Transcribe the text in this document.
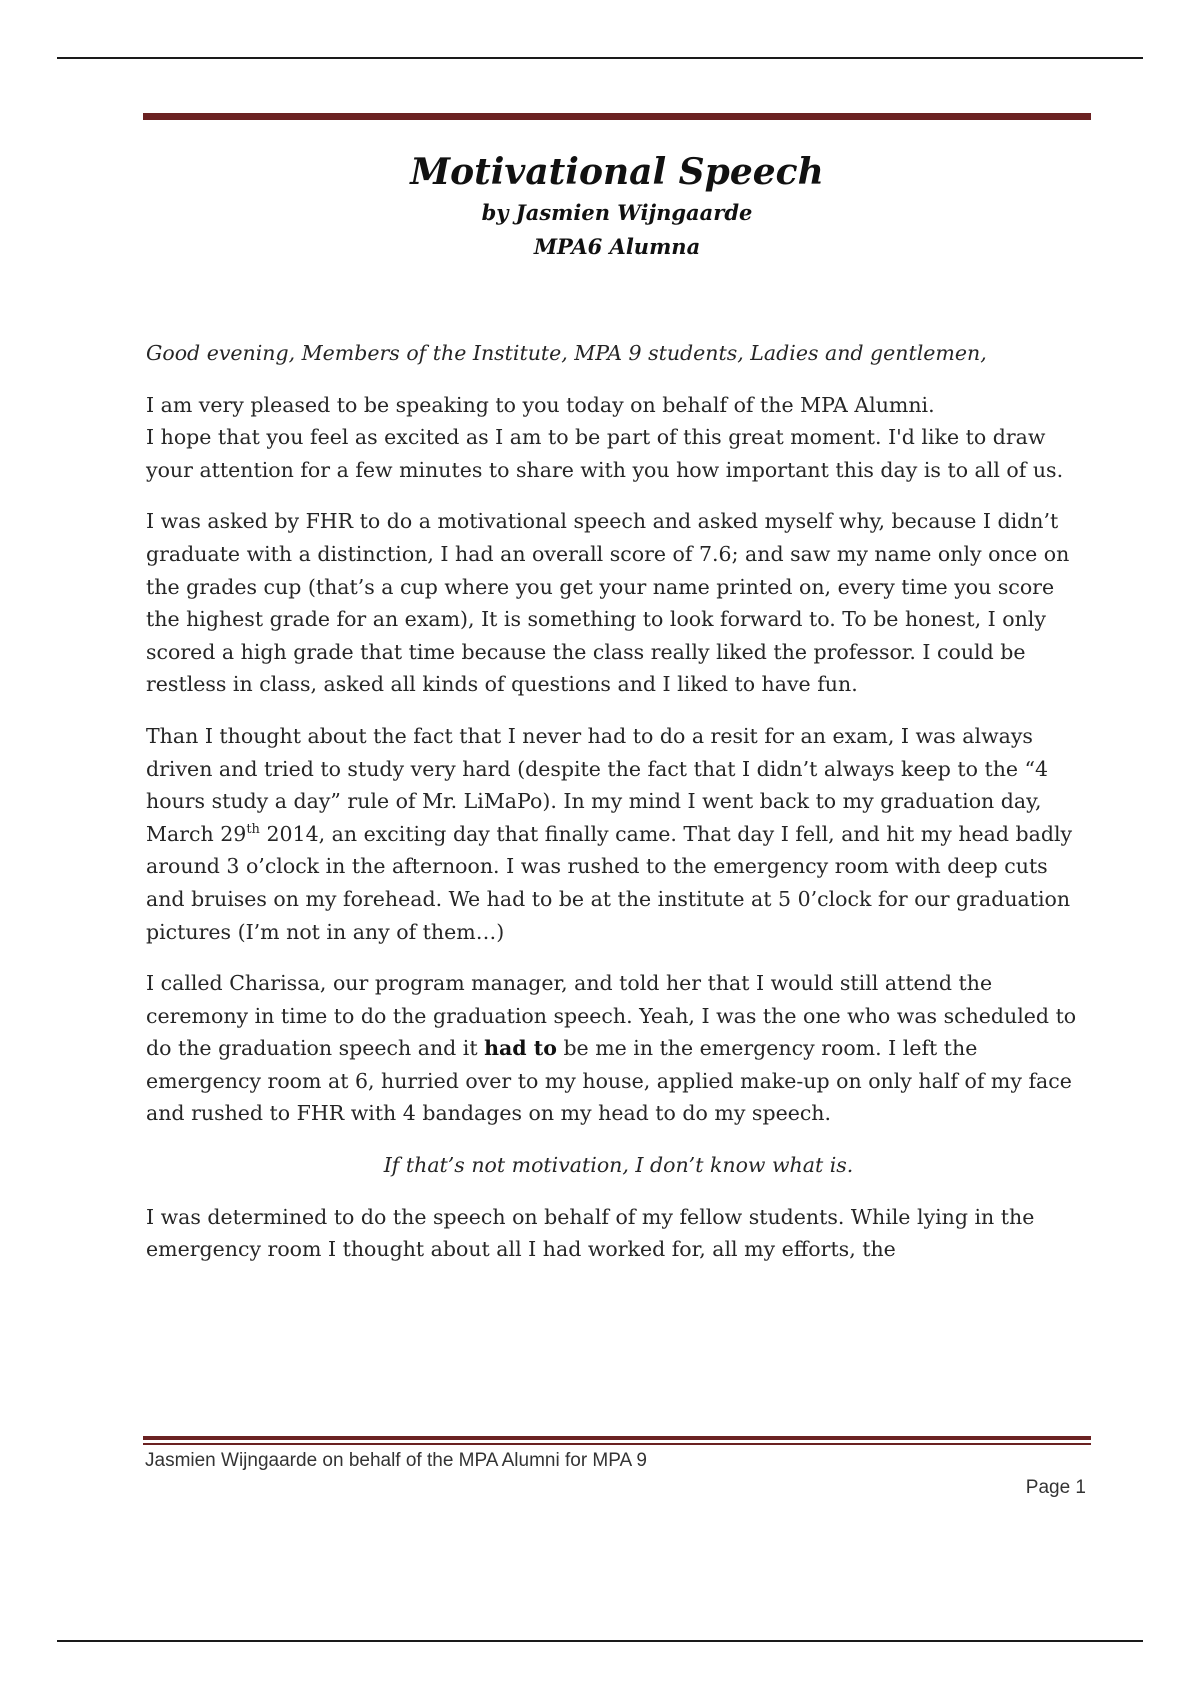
Motivational Speech
by Jasmien Wijngaarde
MPA6 Alumna

Good evening, Members of the Institute, MPA 9 students, Ladies and gentlemen,

I am very pleased to be speaking to you today on behalf of the MPA Alumni.
I hope that you feel as excited as I am to be part of this great moment. I'd like to draw your attention for a few minutes to share with you how important this day is to all of us.

I was asked by FHR to do a motivational speech and asked myself why, because I didn’t graduate with a distinction, I had an overall score of 7.6; and saw my name only once on the grades cup (that’s a cup where you get your name printed on, every time you score the highest grade for an exam), It is something to look forward to. To be honest, I only scored a high grade that time because the class really liked the professor. I could be restless in class, asked all kinds of questions and I liked to have fun.

Than I thought about the fact that I never had to do a resit for an exam, I was always driven and tried to study very hard (despite the fact that I didn’t always keep to the “4 hours study a day” rule of Mr. LiMaPo). In my mind I went back to my graduation day, March 29th 2014, an exciting day that finally came. That day I fell, and hit my head badly around 3 o’clock in the afternoon. I was rushed to the emergency room with deep cuts and bruises on my forehead. We had to be at the institute at 5 0’clock for our graduation pictures (I’m not in any of them…)

I called Charissa, our program manager, and told her that I would still attend the ceremony in time to do the graduation speech. Yeah, I was the one who was scheduled to do the graduation speech and it had to be me in the emergency room. I left the emergency room at 6, hurried over to my house, applied make-up on only half of my face and rushed to FHR with 4 bandages on my head to do my speech.

If that’s not motivation, I don’t know what is.

I was determined to do the speech on behalf of my fellow students. While lying in the emergency room I thought about all I had worked for, all my efforts, the

Jasmien Wijngaarde on behalf of the MPA Alumni for MPA 9
Page 1
